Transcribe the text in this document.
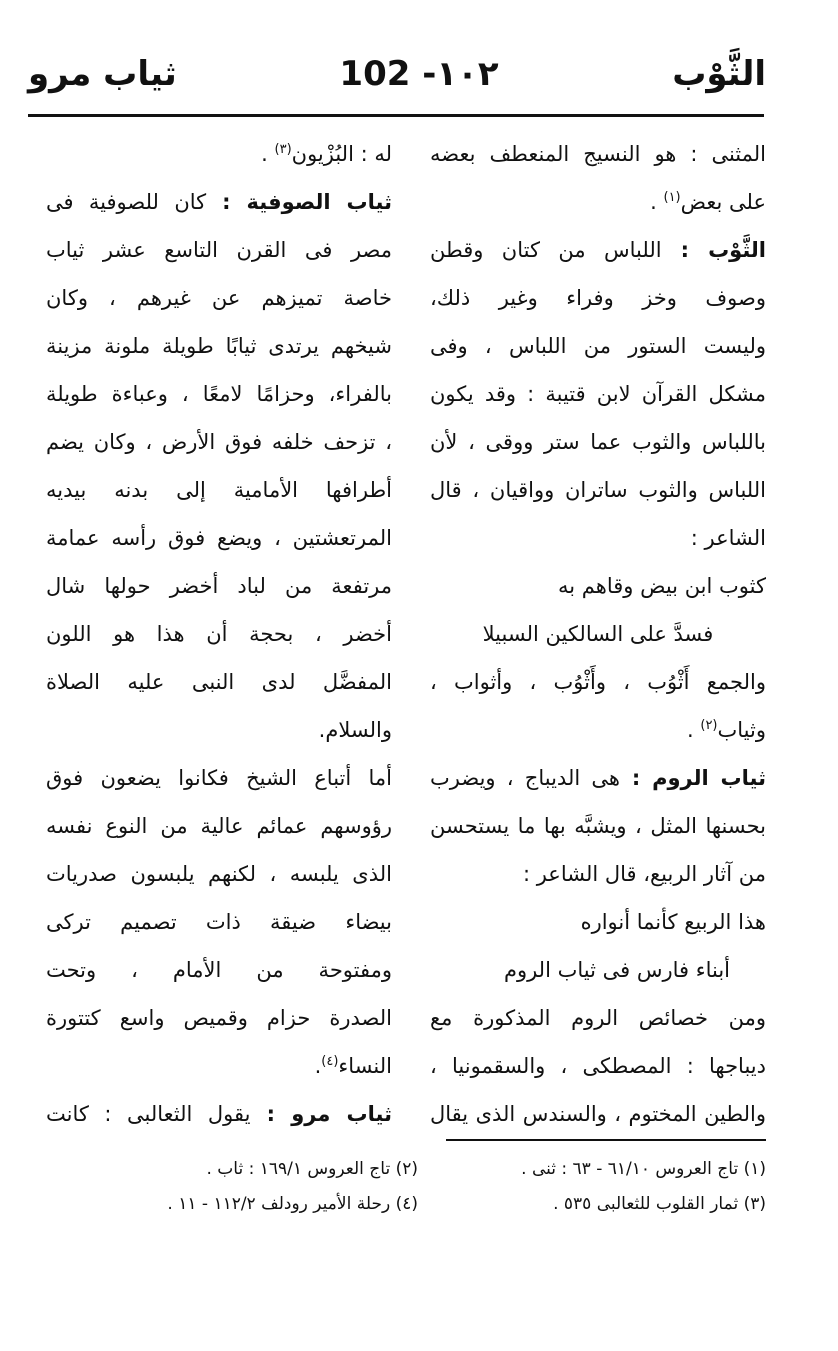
الثَّوْب
102 -١٠٢
ثياب مرو
المثنى : هو النسيج المنعطف بعضه
على بعض$^{(١)}$ .
الثَّوْب : اللباس من كتان وقطن
وصوف وخز وفراء وغير ذلك،
وليست الستور من اللباس ، وفى
مشكل القرآن لابن قتيبة : وقد يكون
باللباس والثوب عما ستر ووقى ، لأن
اللباس والثوب ساتران وواقيان ، قال
الشاعر :
كثوب ابن بيض وقاهم به
فسدَّ على السالكين السبيلا
والجمع أَثْوُب ، وأَثْوُب ، وأثواب ،
وثياب$^{(٢)}$ .
ثياب الروم : هى الديباج ، ويضرب
بحسنها المثل ، ويشبَّه بها ما يستحسن
من آثار الربيع، قال الشاعر :
هذا الربيع كأنما أنواره
أبناء فارس فى ثياب الروم
ومن خصائص الروم المذكورة مع
ديباجها : المصطكى ، والسقمونيا ،
والطين المختوم ، والسندس الذى يقال
له : البُزْيون$^{(٣)}$ .
ثياب الصوفية : كان للصوفية فى
مصر فى القرن التاسع عشر ثياب
خاصة تميزهم عن غيرهم ، وكان
شيخهم يرتدى ثيابًا طويلة ملونة مزينة
بالفراء، وحزامًا لامعًا ، وعباءة طويلة
، تزحف خلفه فوق الأرض ، وكان يضم
أطرافها الأمامية إلى بدنه بيديه
المرتعشتين ، ويضع فوق رأسه عمامة
مرتفعة من لباد أخضر حولها شال
أخضر ، بحجة أن هذا هو اللون
المفضَّل لدى النبى عليه الصلاة
والسلام.
أما أتباع الشيخ فكانوا يضعون فوق
رؤوسهم عمائم عالية من النوع نفسه
الذى يلبسه ، لكنهم يلبسون صدريات
بيضاء ضيقة ذات تصميم تركى
ومفتوحة من الأمام ، وتحت
الصدرة حزام وقميص واسع كتتورة
النساء$^{(٤)}$.
ثياب مرو : يقول الثعالبى : كانت
(١) تاج العروس ٦١/١٠ - ٦٣ : ثنى .
(٢) تاج العروس ١٦٩/١ : ثاب .
(٣) ثمار القلوب للثعالبى ٥٣٥ .
(٤) رحلة الأمير رودلف ١١٢/٢ - ١١ .
